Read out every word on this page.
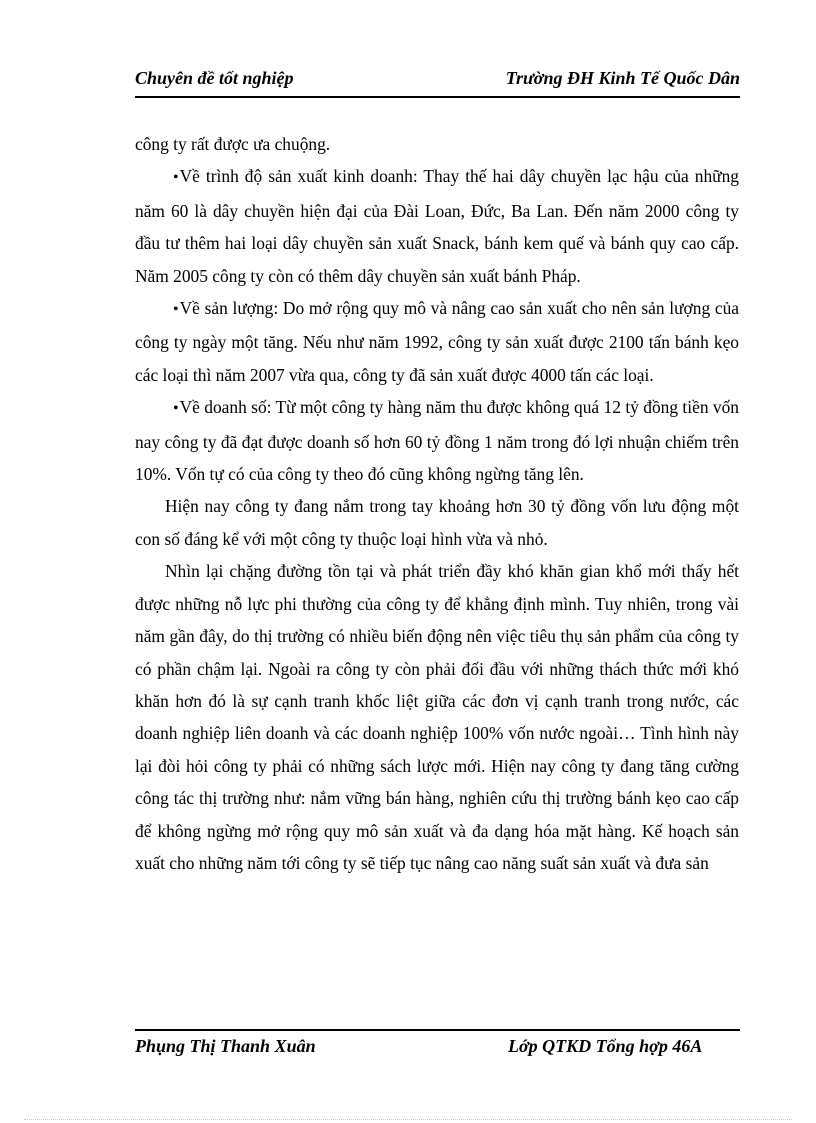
Chuyên đề tốt nghiệp	Trường ĐH Kinh Tế Quốc Dân

công ty rất được ưa chuộng.

•Về trình độ sản xuất kinh doanh: Thay thế hai dây chuyền lạc hậu của những năm 60 là dây chuyền hiện đại của Đài Loan, Đức, Ba Lan. Đến năm 2000 công ty đầu tư thêm hai loại dây chuyền sản xuất Snack, bánh kem quế và bánh quy cao cấp. Năm 2005 công ty còn có thêm dây chuyền sản xuất bánh Pháp.

•Về sản lượng: Do mở rộng quy mô và nâng cao sản xuất cho nên sản lượng của công ty ngày một tăng. Nếu như năm 1992, công ty sản xuất được 2100 tấn bánh kẹo các loại thì năm 2007 vừa qua, công ty đã sản xuất được 4000 tấn các loại.

•Về doanh số: Từ một công ty hàng năm thu được không quá 12 tỷ đồng tiền vốn nay công ty đã đạt được doanh số hơn 60 tỷ đồng 1 năm trong đó lợi nhuận chiếm trên 10%. Vốn tự có của công ty theo đó cũng không ngừng tăng lên.

Hiện nay công ty đang nắm trong tay khoảng hơn 30 tỷ đồng vốn lưu động một con số đáng kể với một công ty thuộc loại hình vừa và nhỏ.

Nhìn lại chặng đường tồn tại và phát triển đầy khó khăn gian khổ mới thấy hết được những nỗ lực phi thường của công ty để khẳng định mình. Tuy nhiên, trong vài năm gần đây, do thị trường có nhiều biến động nên việc tiêu thụ sản phẩm của công ty có phần chậm lại. Ngoài ra công ty còn phải đối đầu với những thách thức mới khó khăn hơn đó là sự cạnh tranh khốc liệt giữa các đơn vị cạnh tranh trong nước, các doanh nghiệp liên doanh và các doanh nghiệp 100% vốn nước ngoài… Tình hình này lại đòi hỏi công ty phải có những sách lược mới. Hiện nay công ty đang tăng cường công tác thị trường như: nắm vững bán hàng, nghiên cứu thị trường bánh kẹo cao cấp để không ngừng mở rộng quy mô sản xuất và đa dạng hóa mặt hàng. Kế hoạch sản xuất cho những năm tới công ty sẽ tiếp tục nâng cao năng suất sản xuất và đưa sản

Phụng Thị Thanh Xuân	Lớp QTKD Tổng hợp 46A
